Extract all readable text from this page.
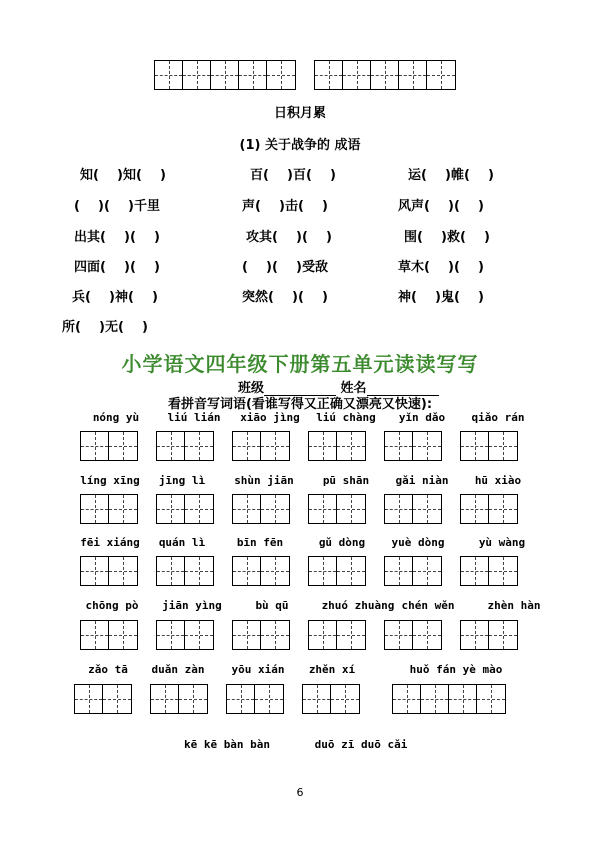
日积月累
(1) 关于战争的 成语
知(    )知(    )	百(    )百(    )	运(    )帷(    )
(    )(    )千里	声(    )击(    )	风声(    )(    )
出其(    )(    )	攻其(    )(    )	围(    )救(    )
四面(    )(    )	(    )(    )受敌	草木(    )(    )
兵(    )神(    )	突然(    )(    )	神(    )鬼(    )
所(    )无(    )
小学语文四年级下册第五单元读读写写
班级	姓名
看拼音写词语(看谁写得又正确又漂亮又快速):
nóng yù	liú lián	xiāo jìng	liú chàng	yǐn dǎo	qiǎo rán
líng xīng	jīng lì	shùn jiān	pū shān	gǎi niàn	hū xiào
fēi xiáng	quán lì	bīn fēn	gǔ dòng	yuè dòng	yù wàng
chōng pò	jiān yìng	bù qū	zhuó zhuàng chén wěn	zhèn hàn
zǎo tā	duǎn zàn	yōu xián	zhěn xí	huǒ fán yè mào
kē kē bàn bàn	duō zī duō cǎi
6
